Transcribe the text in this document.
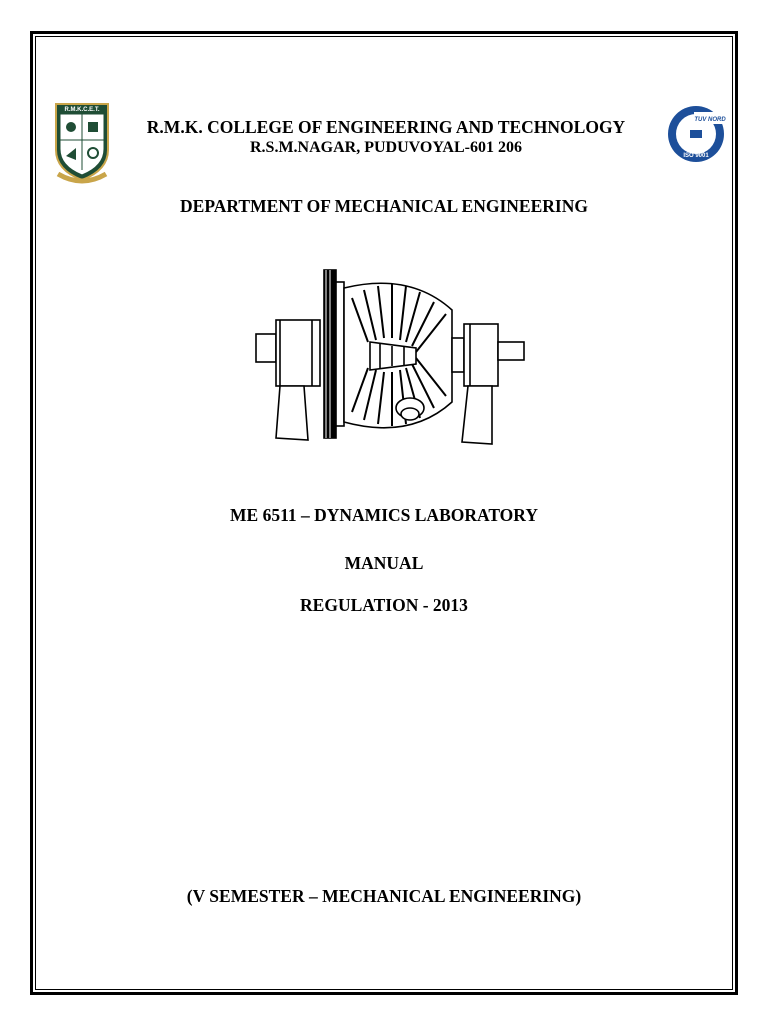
R.M.K.C.E.T.
TUV NORD
ISO 9001
R.M.K. COLLEGE OF ENGINEERING AND TECHNOLOGY
R.S.M.NAGAR, PUDUVOYAL-601 206
DEPARTMENT OF MECHANICAL ENGINEERING
ME 6511 – DYNAMICS LABORATORY
MANUAL
REGULATION - 2013
(V SEMESTER – MECHANICAL ENGINEERING)
